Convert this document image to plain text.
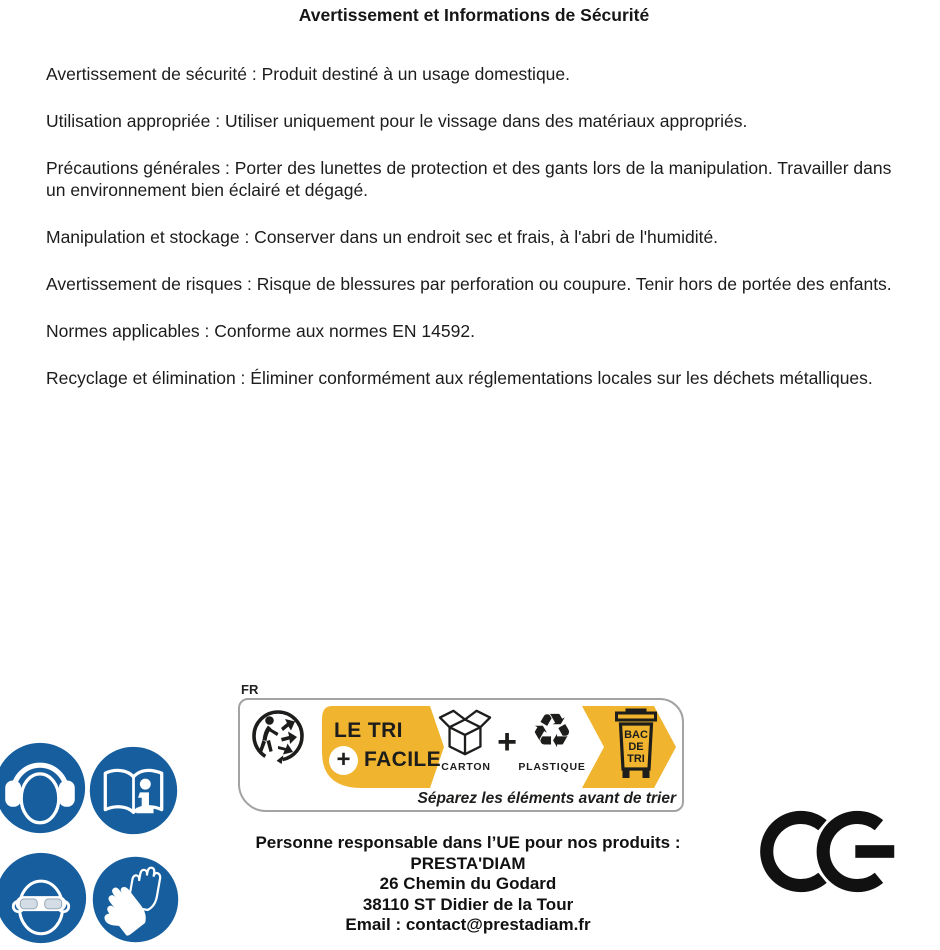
Avertissement et Informations de Sécurité

Avertissement de sécurité : Produit destiné à un usage domestique.

Utilisation appropriée : Utiliser uniquement pour le vissage dans des matériaux appropriés.

Précautions générales : Porter des lunettes de protection et des gants lors de la manipulation. Travailler dans un environnement bien éclairé et dégagé.

Manipulation et stockage : Conserver dans un endroit sec et frais, à l'abri de l'humidité.

Avertissement de risques : Risque de blessures par perforation ou coupure. Tenir hors de portée des enfants.

Normes applicables : Conforme aux normes EN 14592.

Recyclage et élimination : Éliminer conformément aux réglementations locales sur les déchets métalliques.

FR
LE TRI
+ FACILE CARTON
+ ♻
PLASTIQUE
BAC
DE
TRI
Séparez les éléments avant de trier
Personne responsable dans l’UE pour nos produits :
PRESTA'DIAM
26 Chemin du Godard
38110 ST Didier de la Tour
Email : contact@prestadiam.fr
